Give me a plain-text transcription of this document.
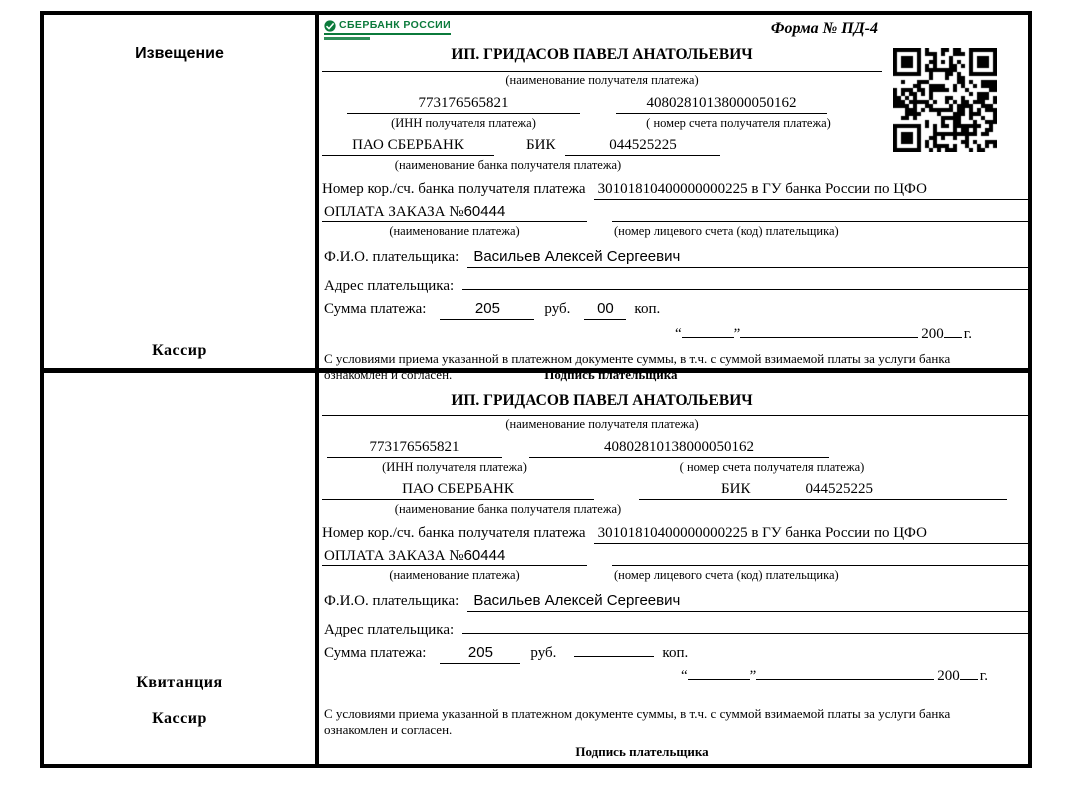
Извещение
Кассир
СБЕРБАНК РОССИИ	Форма № ПД-4
ИП. ГРИДАСОВ ПАВЕЛ АНАТОЛЬЕВИЧ
(наименование получателя платежа)
773176565821	40802810138000050162
(ИНН получателя платежа)	( номер счета получателя платежа)
ПАО СБЕРБАНК	БИК	044525225
(наименование банка получателя платежа)
Номер кор./сч. банка получателя платежа 30101810400000000225 в ГУ банка России по ЦФО
ОПЛАТА ЗАКАЗА №60444
(наименование платежа)	(номер лицевого счета (код) плательщика)
Ф.И.О. плательщика: Васильев Алексей Сергеевич
Адрес плательщика:
Сумма платежа:	205	руб.	00	коп.
“	”	200 г.
С условиями приема указанной в платежном документе суммы, в т.ч. с суммой взимаемой платы за услуги банка
ознакомлен и согласен.	Подпись плательщика
Квитанция
Кассир
ИП. ГРИДАСОВ ПАВЕЛ АНАТОЛЬЕВИЧ
(наименование получателя платежа)
773176565821	40802810138000050162
(ИНН получателя платежа)	( номер счета получателя платежа)
ПАО СБЕРБАНК	БИК	044525225
(наименование банка получателя платежа)
Номер кор./сч. банка получателя платежа 30101810400000000225 в ГУ банка России по ЦФО
ОПЛАТА ЗАКАЗА №60444
(наименование платежа)	(номер лицевого счета (код) плательщика)
Ф.И.О. плательщика: Васильев Алексей Сергеевич
Адрес плательщика:
Сумма платежа:	205	руб.	коп.
“	”	200 г.
С условиями приема указанной в платежном документе суммы, в т.ч. с суммой взимаемой платы за услуги банка ознакомлен и согласен.
Подпись плательщика
